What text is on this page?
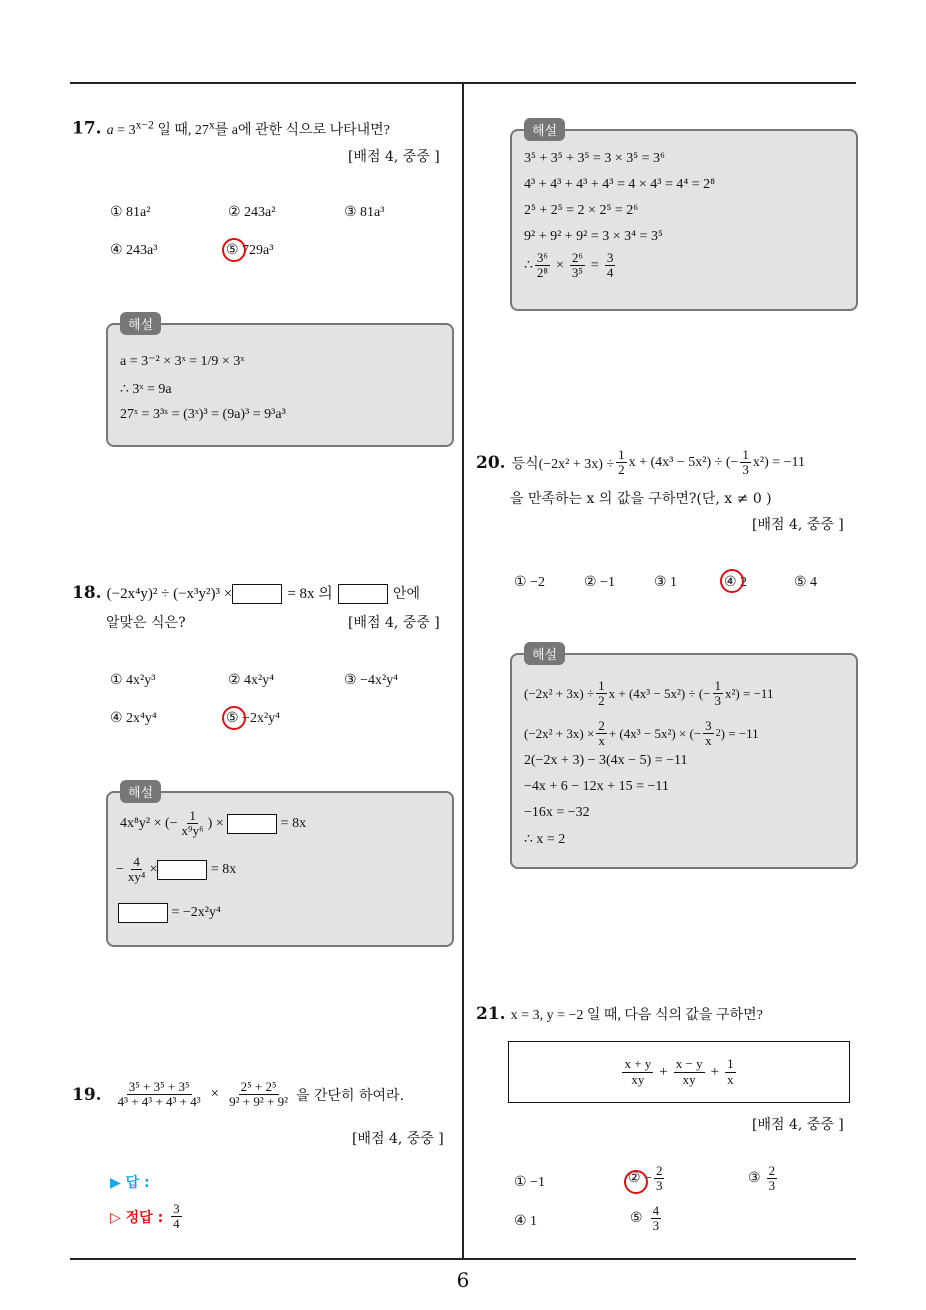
6
17. $a = 3^{x-2}$ 일 때, 27$^x$를 a에 관한 식으로 나타내면?
[배점 4, 중중 ]
① 81a²	② 243a²	③ 81a³
④ 243a³	⑤ 729a³
해설
a = 3⁻² × 3ˣ = 1/9 × 3ˣ
∴ 3ˣ = 9a
27ˣ = 3³ˣ = (3ˣ)³ = (9a)³ = 9³a³
18. (−2x⁴y)² ÷ (−x³y²)³ ×	= 8x 의	안에
알맞은 식은?	[배점 4, 중중 ]
① 4x²y³	② 4x²y⁴	③ −4x²y⁴
④ 2x⁴y⁴	⑤ −2x²y⁴
해설
4x⁸y² × (− $\frac{1}{\text{x⁹y⁶}}$ ) ×	= 8x
− $\frac{4}{\text{xy⁴}}$ ×	= 8x
= −2x²y⁴
19. $\frac{\text{3⁵ + 3⁵ + 3⁵}}{\text{4³ + 4³ + 4³ + 4³}} \times \frac{\text{2⁵ + 2⁵}}{\text{9² + 9² + 9²}}$ 을 간단히 하여라.
[배점 4, 중중 ]
▶ 답 :
▷ 정답 : $\frac{3}{4}$
해설
3⁵ + 3⁵ + 3⁵ = 3 × 3⁵ = 3⁶
4³ + 4³ + 4³ + 4³ = 4 × 4³ = 4⁴ = 2⁸
2⁵ + 2⁵ = 2 × 2⁵ = 2⁶
9² + 9² + 9² = 3 × 3⁴ = 3⁵
∴ $\frac{\text{3⁶}}{\text{2⁸}} \times \frac{\text{2⁶}}{\text{3⁵}} = \frac{3}{4}$
20. 등식$(-2x^2 + 3x) \div \frac{1}{2}$ x + (4x³ − 5x²) ÷ (− $\frac{1}{3} x^2) = -11$
을 만족하는 x 의 값을 구하면?(단, x ≠ 0 )
[배점 4, 중중 ]
① −2	② −1	③ 1	④ 2	⑤ 4
해설
$(-2x^2 + 3x) \div \frac{1}{2}$ x + (4x³ − 5x²) ÷ (− $\frac{1}{3} x^2) = -11$
$(-2x^2 + 3x) \times \frac{2}{x} + (4x^3 - 5x^2)$ × (− $\frac{3}{x} 2$ ) = −11
2(−2x + 3) − 3(4x − 5) = −11
−4x + 6 − 12x + 15 = −11
−16x = −32
∴ x = 2
21. x = 3, y = −2 일 때, 다음 식의 값을 구하면?
$\frac{x + y}{xy} + \frac{x - y}{xy} + \frac{1}{x}$
[배점 4, 중중 ]
① −1	② − $\frac{2}{3}$	③ $\frac{2}{3}$
④ 1	⑤ $\frac{4}{3}$
